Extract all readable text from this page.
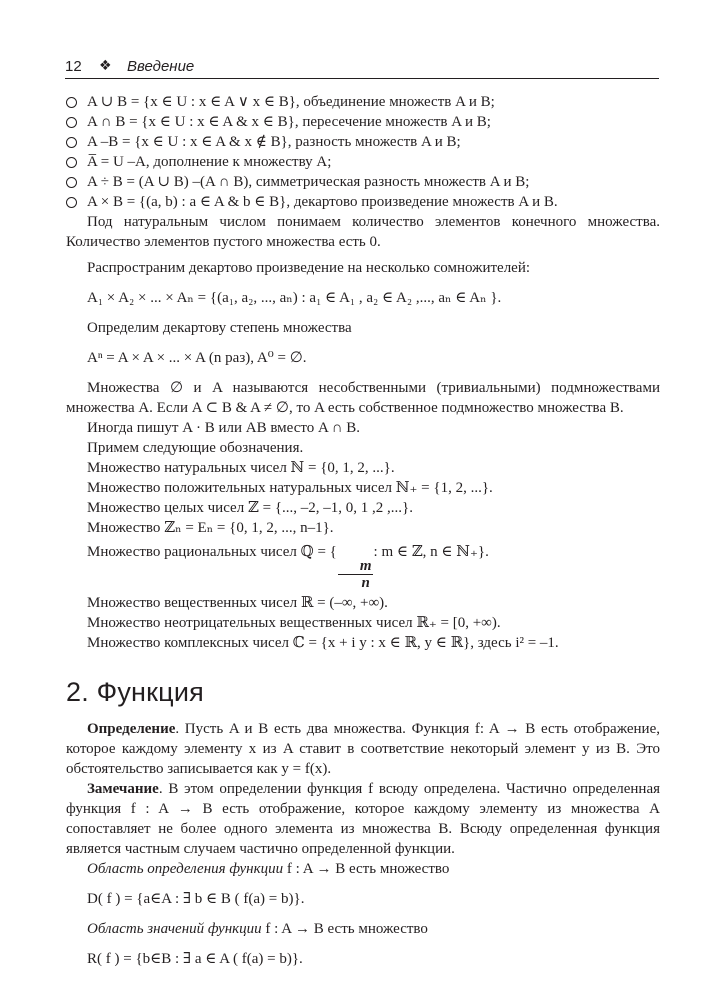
12 ❖ Введение

A ∪ B = {x ∈ U : x ∈ A ∨ x ∈ B}, объединение множеств A и B;

A ∩ B = {x ∈ U : x ∈ A & x ∈ B}, пересечение множеств A и B;

A –B = {x ∈ U : x ∈ A & x ∉ B}, разность множеств A и B;

A̅ = U –A, дополнение к множеству A;

A ÷ B = (A ∪ B) –(A ∩ B), симметрическая разность множеств A и B;

A × B = {(a, b) : a ∈ A & b ∈ B}, декартово произведение множеств A и B.

Под натуральным числом понимаем количество элементов конечного множества. Количество элементов пустого множества есть 0.

Распространим декартово произведение на несколько сомножителей:

A₁ × A₂ × ... × Aₙ = {(a₁, a₂, ..., aₙ) : a₁ ∈ A₁ , a₂ ∈ A₂ ,..., aₙ ∈ Aₙ }.

Определим декартову степень множества

Aⁿ = A × A × ... × A (n раз), A⁰ = ∅.

Множества ∅ и A называются несобственными (тривиальными) подмножествами множества A. Если A ⊂ B & A ≠ ∅, то A есть собственное подмножество множества B.

Иногда пишут A · B или AB вместо A ∩ B.

Примем следующие обозначения.

Множество натуральных чисел ℕ = {0, 1, 2, ...}.

Множество положительных натуральных чисел ℕ₊ = {1, 2, ...}.

Множество целых чисел ℤ = {..., –2, –1, 0, 1 ,2 ,...}.

Множество ℤₙ = Eₙ = {0, 1, 2, ..., n–1}.

Множество рациональных чисел ℚ = {
$\frac{m}{n}$
: m ∈ ℤ, n ∈ ℕ₊}.

Множество вещественных чисел ℝ = (–∞, +∞).

Множество неотрицательных вещественных чисел ℝ₊ = [0, +∞).

Множество комплексных чисел ℂ = {x + i y : x ∈ ℝ, y ∈ ℝ}, здесь i² = –1.

2. Функция

Определение. Пусть A и B есть два множества. Функция f: A → B есть отображение, которое каждому элементу x из A ставит в соответствие некоторый элемент y из B. Это обстоятельство записывается как y = f(x).

Замечание. В этом определении функция f всюду определена. Частично определенная функция f : A → B есть отображение, которое каждому элементу из множества A сопоставляет не более одного элемента из множества B. Всюду определенная функция является частным случаем частично определенной функции.

Область определения функции f : A → B есть множество

D( f ) = {a∈A : ∃ b ∈ B ( f(a) = b)}.

Область значений функции f : A → B есть множество

R( f ) = {b∈B : ∃ a ∈ A ( f(a) = b)}.
